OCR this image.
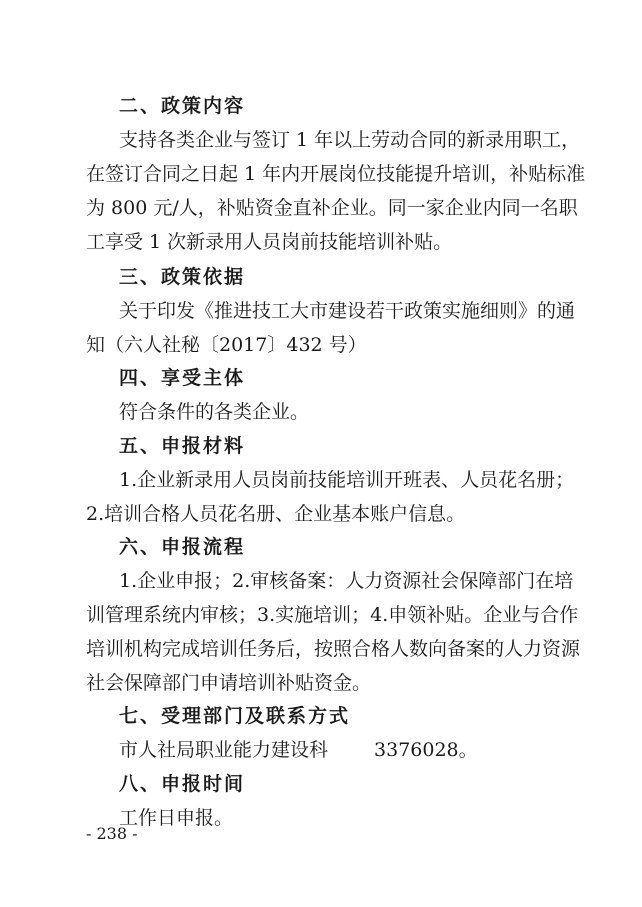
二、政策内容
支持各类企业与签订 1 年以上劳动合同的新录用职工，
在签订合同之日起 1 年内开展岗位技能提升培训，补贴标准
为 800 元/人，补贴资金直补企业。同一家企业内同一名职
工享受 1 次新录用人员岗前技能培训补贴。
三、政策依据
关于印发《推进技工大市建设若干政策实施细则》的通
知（六人社秘〔2017〕432 号）
四、享受主体
符合条件的各类企业。
五、申报材料
1.企业新录用人员岗前技能培训开班表、人员花名册；
2.培训合格人员花名册、企业基本账户信息。
六、申报流程
1.企业申报；2.审核备案：人力资源社会保障部门在培
训管理系统内审核；3.实施培训；4.申领补贴。企业与合作
培训机构完成培训任务后，按照合格人数向备案的人力资源
社会保障部门申请培训补贴资金。
七、受理部门及联系方式
市人社局职业能力建设科 3376028。
八、申报时间
工作日申报。
- 238 -
